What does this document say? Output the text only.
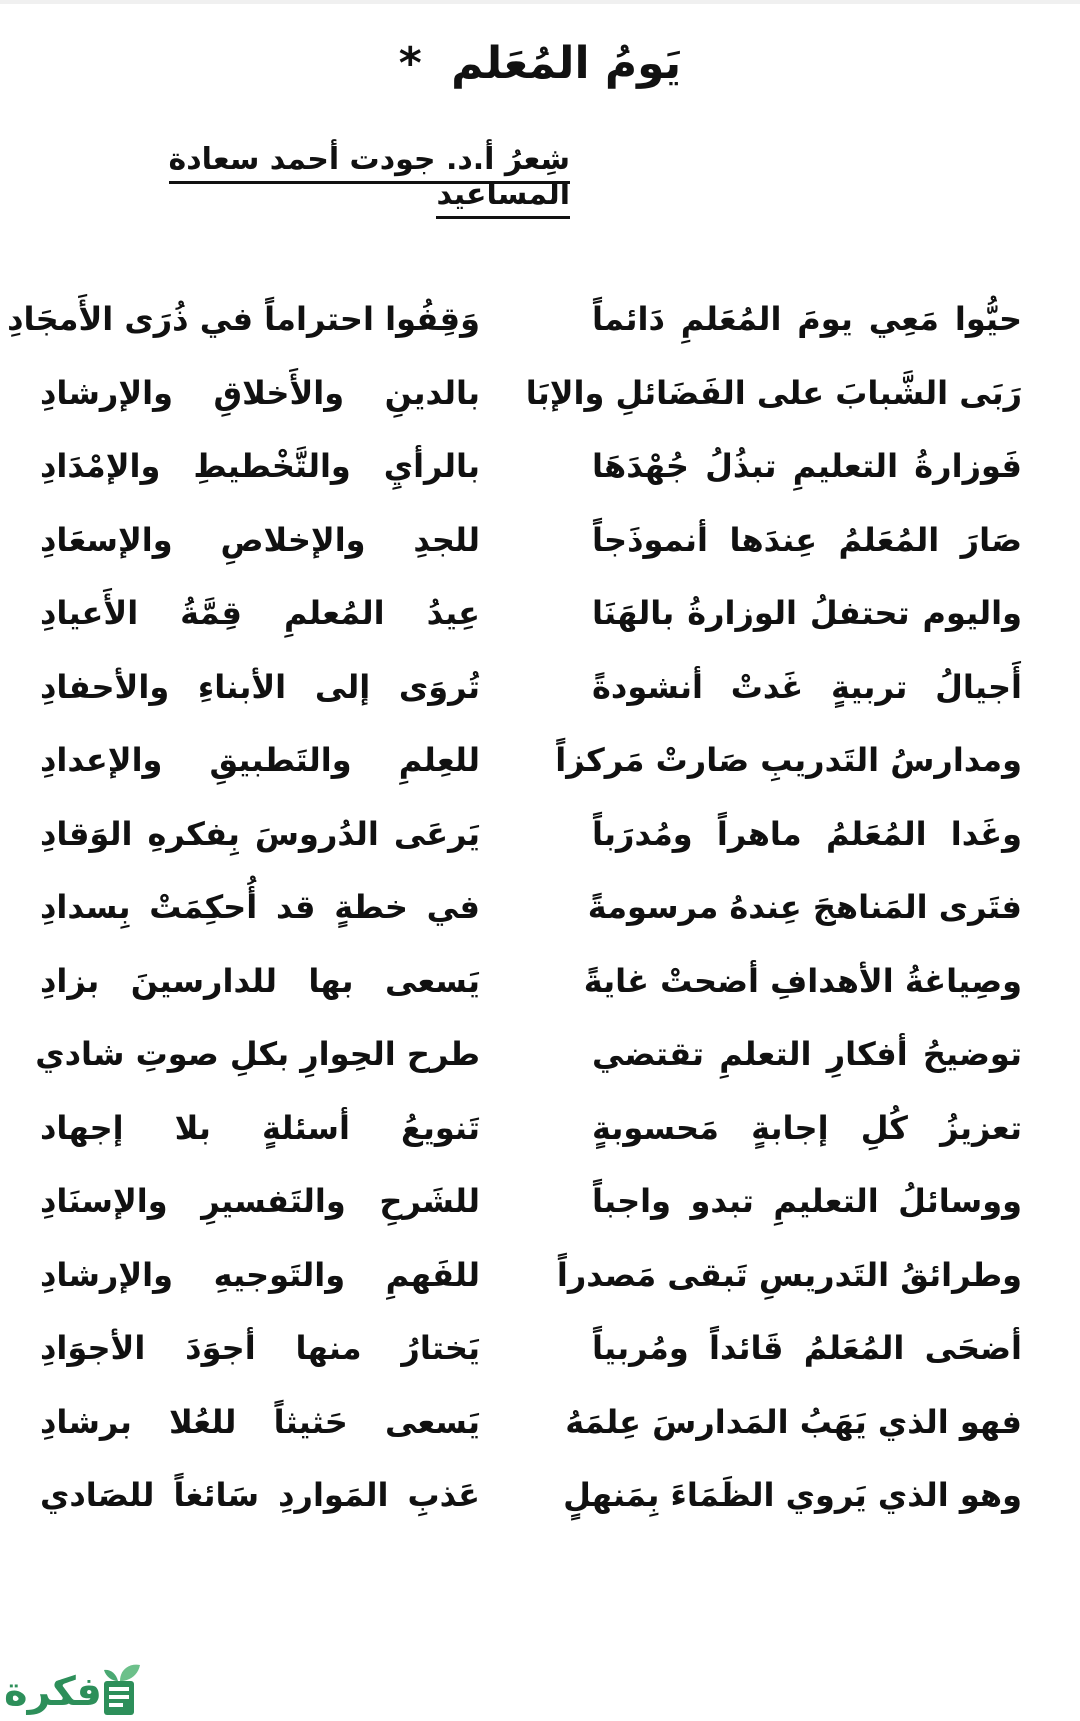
يَومُ المُعَلم *
شِعرُ أ.د. جودت أحمد سعادة المساعيد
حيُّوا مَعِي يومَ المُعَلمِ دَائماً
وَقِفُوا احتراماً في ذُرَى الأَمجَادِ
رَبَى الشَّبابَ على الفَضَائلِ والإبَا
بالدينِ والأَخلاقِ والإرشادِ
فَوزارةُ التعليمِ تبذُلُ جُهْدَهَا
بالرأيِ والتَّخْطيطِ والإمْدَادِ
صَارَ المُعَلمُ عِندَها أنموذَجاً
للجدِ والإخلاصِ والإسعَادِ
واليوم تحتفلُ الوزارةُ بالهَنَا
عِيدُ المُعلمِ قِمَّةُ الأَعيادِ
أَجيالُ تربيةٍ غَدتْ أنشودةً
تُروَى إلى الأبناءِ والأحفادِ
ومدارسُ التَدريبِ صَارتْ مَركزاً
للعِلمِ والتَطبيقِ والإعدادِ
وغَدا المُعَلمُ ماهراً ومُدرَباً
يَرعَى الدُروسَ بِفكرهِ الوَقادِ
فتَرى المَناهجَ عِندهُ مرسومةً
في خطةٍ قد أُحكِمَتْ بِسدادِ
وصِياغةُ الأهدافِ أضحتْ غايةً
يَسعى بها للدارسينَ بزادِ
توضيحُ أفكارِ التعلمِ تقتضي
طرح الحِوارِ بكلِ صوتِ شادي
تعزيزُ كُلِ إجابةٍ مَحسوبةٍ
تَنويعُ أسئلةٍ بلا إجهاد
ووسائلُ التعليمِ تبدو واجباً
للشَرحِ والتَفسيرِ والإسنَادِ
وطرائقُ التَدريسِ تَبقى مَصدراً
للفَهمِ والتَوجيهِ والإرشادِ
أضحَى المُعَلمُ قَائداً ومُربياً
يَختارُ منها أجوَدَ الأجوَادِ
فهو الذي يَهَبُ المَدارسَ عِلمَهُ
يَسعى حَثيثاً للعُلا برشادِ
وهو الذي يَروي الظَمَاءَ بِمَنهلٍ
عَذبِ المَواردِ سَائغاً للصَادي
فكرة
